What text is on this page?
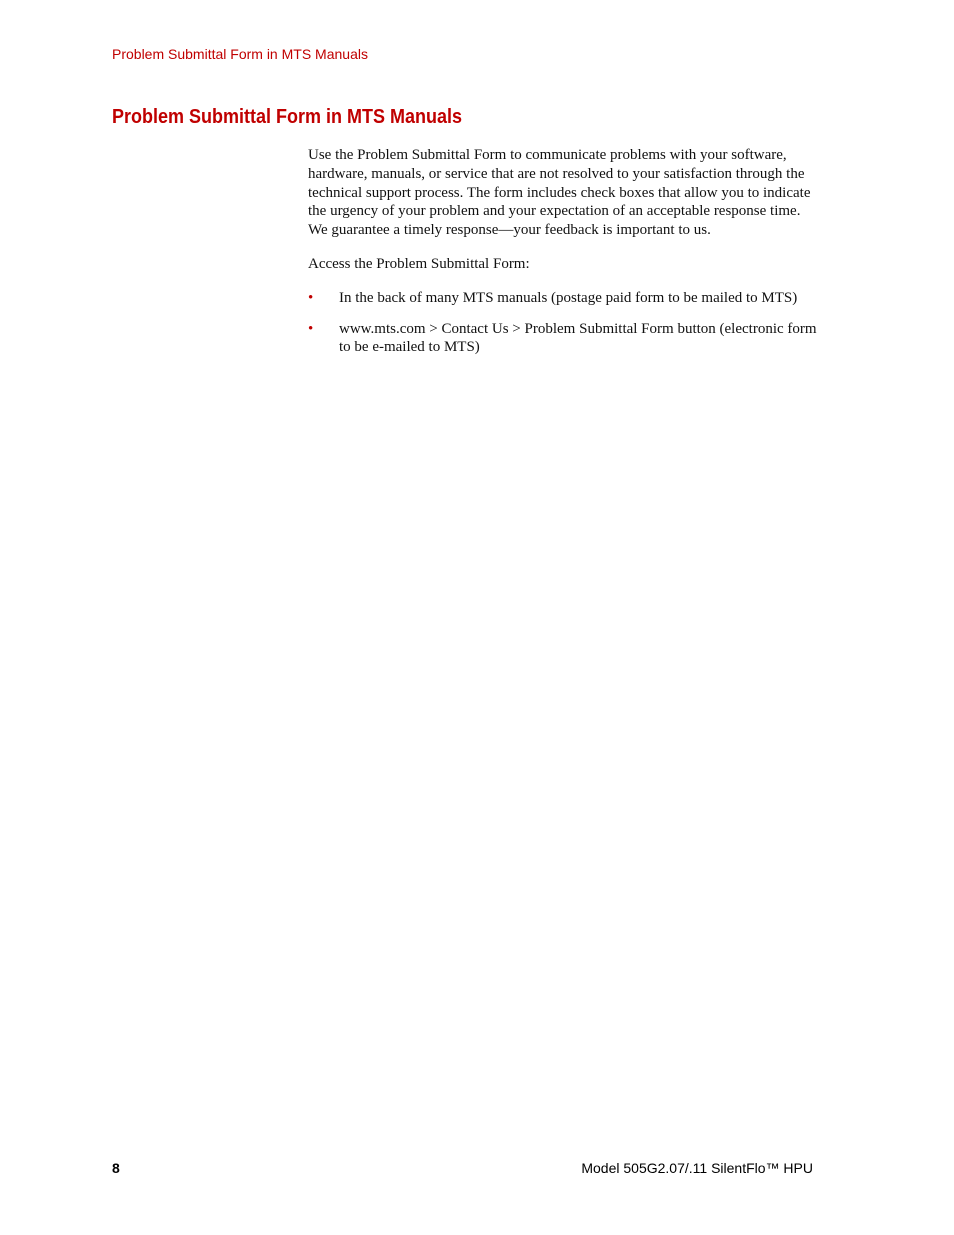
Problem Submittal Form in MTS Manuals
Problem Submittal Form in MTS Manuals

Use the Problem Submittal Form to communicate problems with your software, hardware, manuals, or service that are not resolved to your satisfaction through the technical support process. The form includes check boxes that allow you to indicate the urgency of your problem and your expectation of an acceptable response time. We guarantee a timely response—your feedback is important to us.

Access the Problem Submittal Form:

• In the back of many MTS manuals (postage paid form to be mailed to MTS)
• www.mts.com > Contact Us > Problem Submittal Form button (electronic form to be e-mailed to MTS)
8	Model 505G2.07/.11 SilentFlo™ HPU
